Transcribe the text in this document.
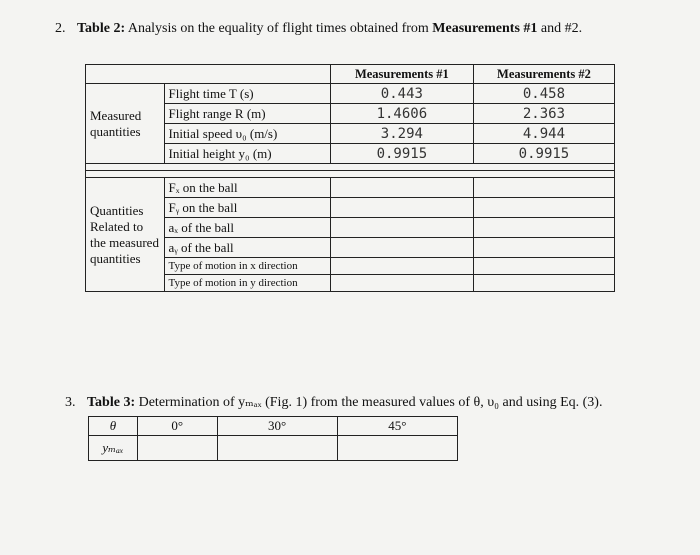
2. Table 2: Analysis on the equality of flight times obtained from Measurements #1 and #2.
		Measurements #1	Measurements #2
Measured quantities	Flight time T (s)	0.443	0.458
	Flight range R (m)	1.4606	2.363
	Initial speed υ₀ (m/s)	3.294	4.944
	Initial height y₀ (m)	0.9915	0.9915

Quantities Related to the measured quantities	Fₓ on the ball		
	Fᵧ on the ball		
	aₓ of the ball		
	aᵧ of the ball		
	Type of motion in x direction		
	Type of motion in y direction		
3. Table 3: Determination of yₘₐₓ (Fig. 1) from the measured values of θ, υ₀ and using Eq. (3).
θ	0°	30°	45°
yₘₐₓ			
